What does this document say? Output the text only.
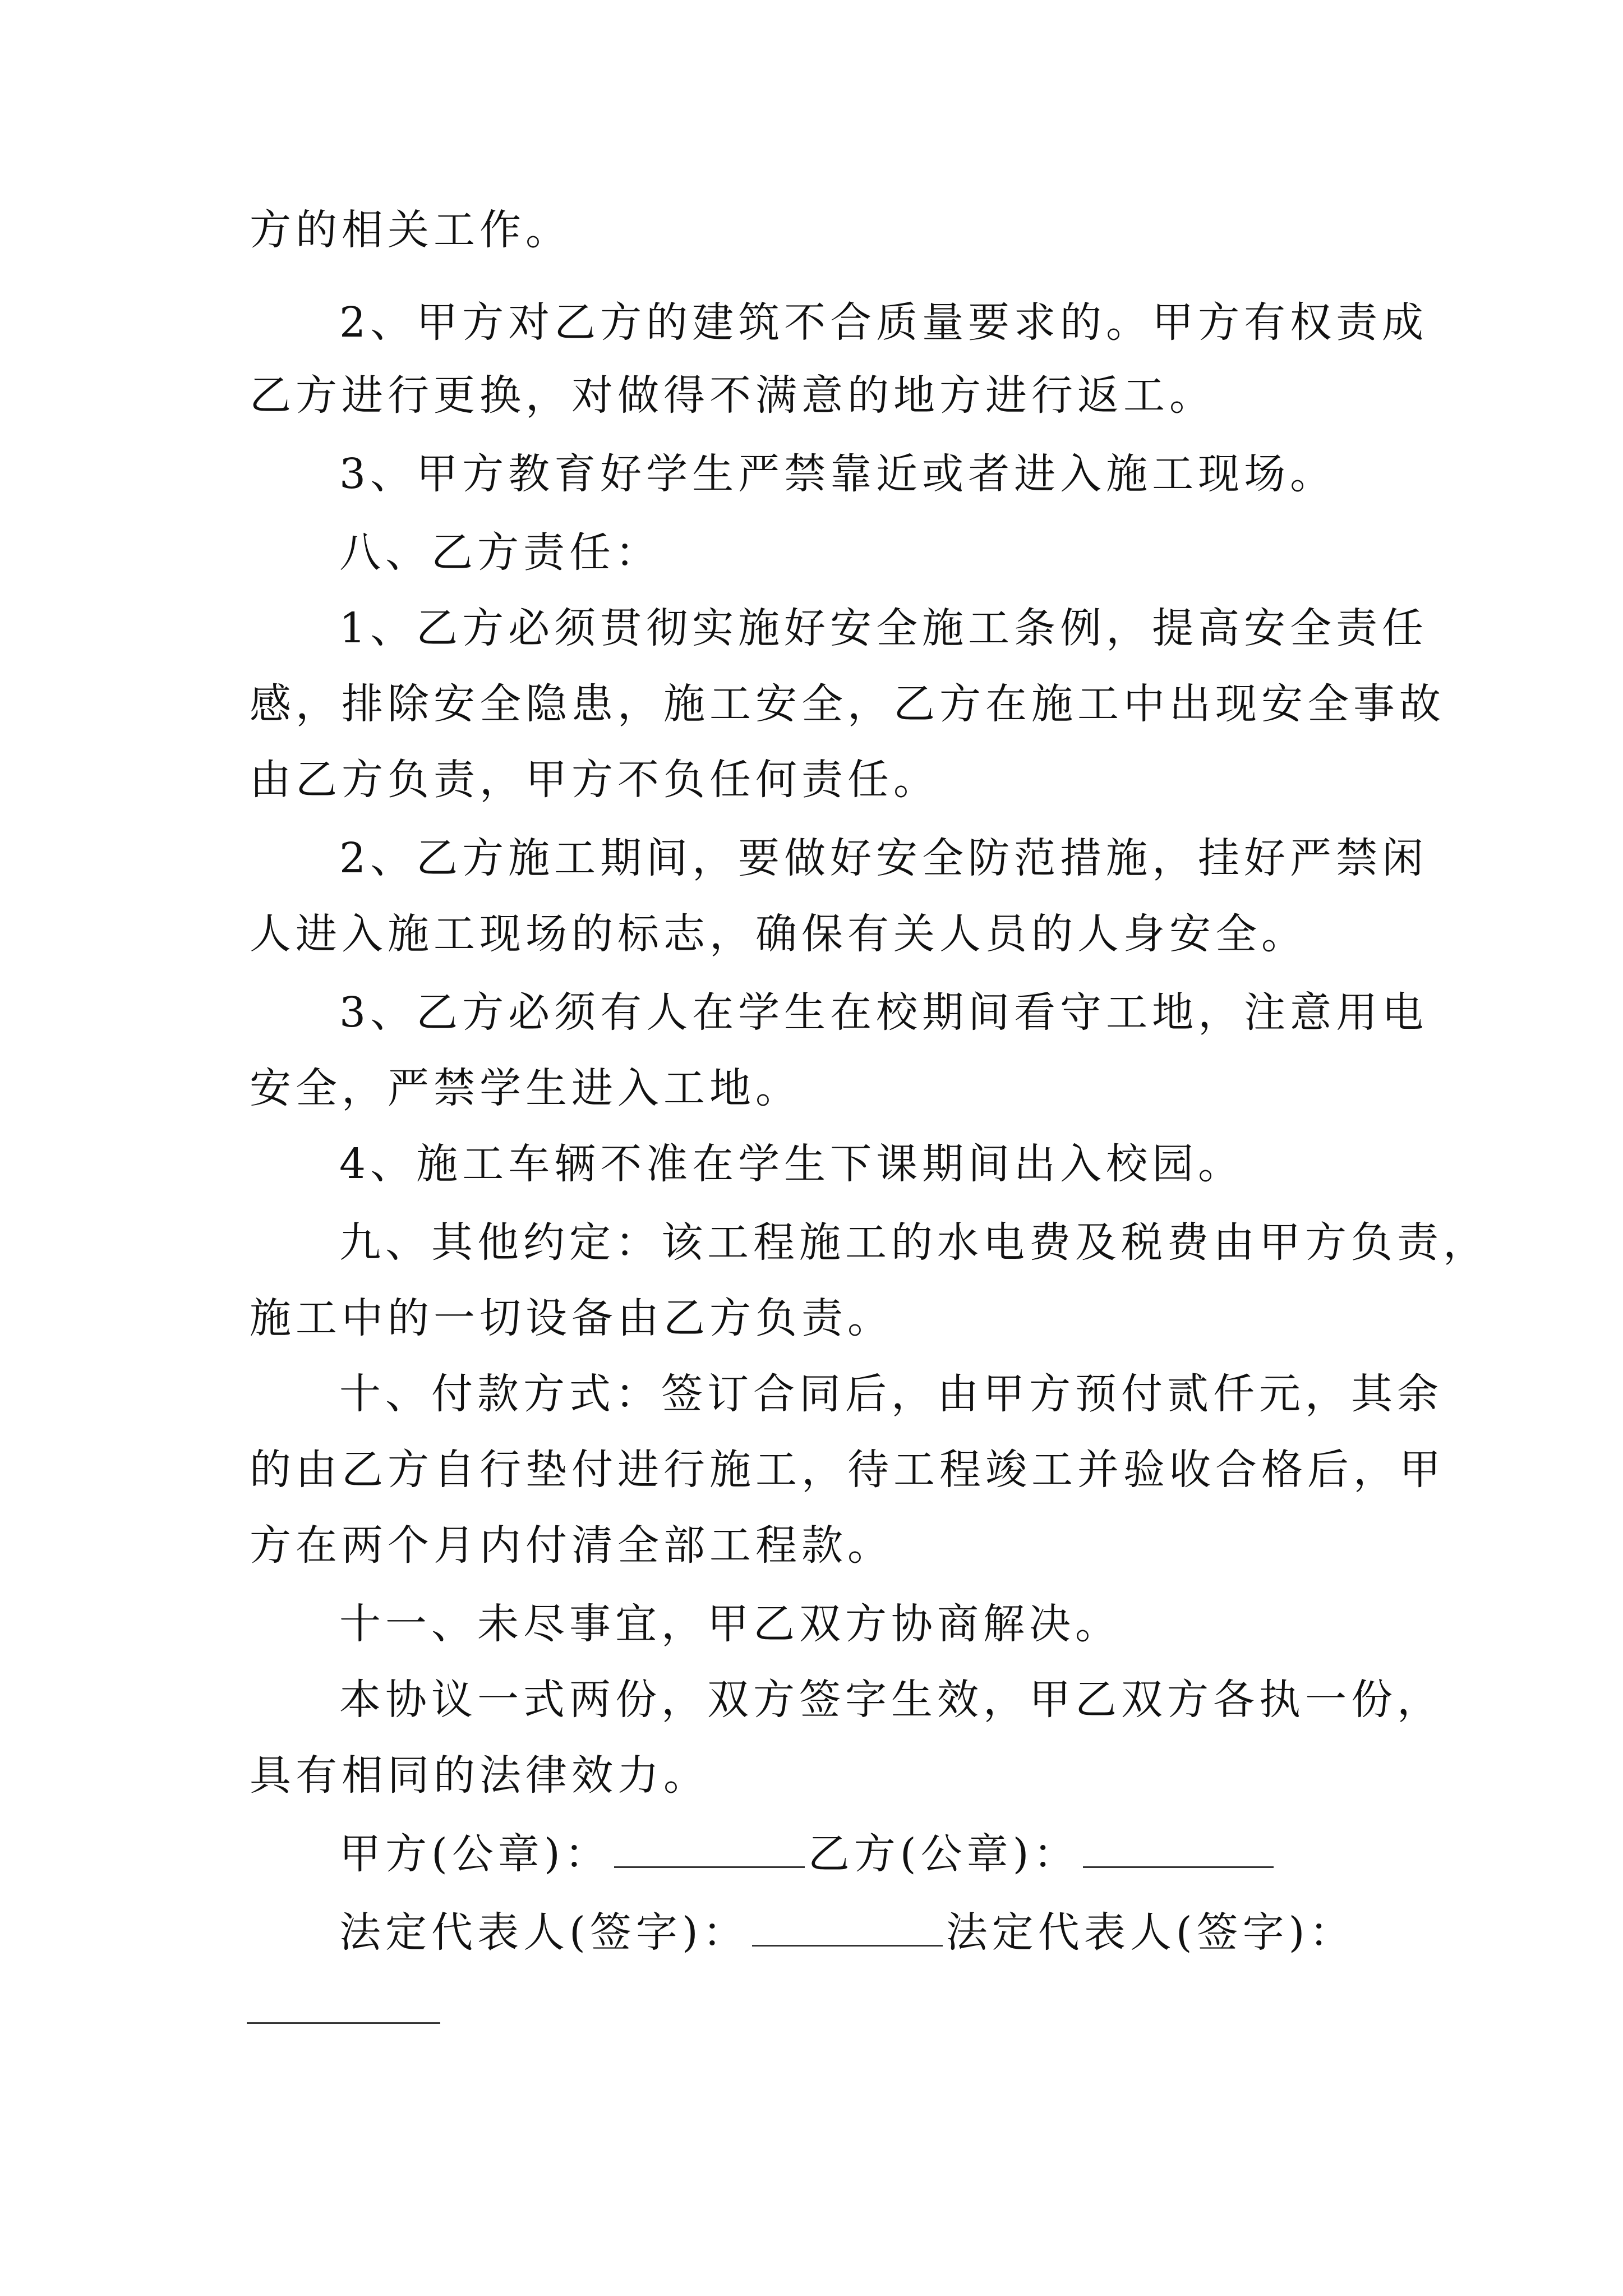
方的相关工作。
2、甲方对乙方的建筑不合质量要求的。甲方有权责成
乙方进行更换，对做得不满意的地方进行返工。
3、甲方教育好学生严禁靠近或者进入施工现场。
八、乙方责任：
1、乙方必须贯彻实施好安全施工条例，提高安全责任
感，排除安全隐患，施工安全，乙方在施工中出现安全事故
由乙方负责，甲方不负任何责任。
2、乙方施工期间，要做好安全防范措施，挂好严禁闲
人进入施工现场的标志，确保有关人员的人身安全。
3、乙方必须有人在学生在校期间看守工地，注意用电
安全，严禁学生进入工地。
4、施工车辆不准在学生下课期间出入校园。
九、其他约定：该工程施工的水电费及税费由甲方负责，
施工中的一切设备由乙方负责。
十、付款方式：签订合同后，由甲方预付贰仟元，其余
的由乙方自行垫付进行施工，待工程竣工并验收合格后，甲
方在两个月内付清全部工程款。
十一、未尽事宜，甲乙双方协商解决。
本协议一式两份，双方签字生效，甲乙双方各执一份，
具有相同的法律效力。
甲方(公章)：	乙方(公章)：
法定代表人(签字)：	法定代表人(签字)：
